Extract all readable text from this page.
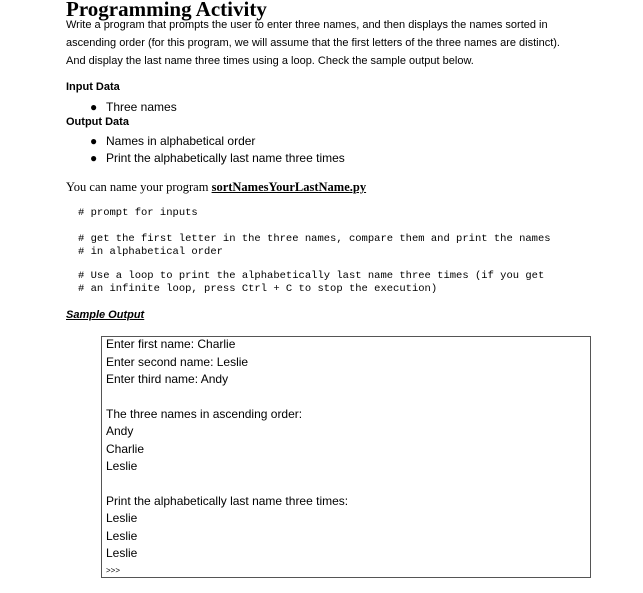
Programming Activity
Write a program that prompts the user to enter three names, and then displays the names sorted in
ascending order (for this program, we will assume that the first letters of the three names are distinct).
And display the last name three times using a loop. Check the sample output below.
Input Data
● Three names
Output Data
● Names in alphabetical order
● Print the alphabetically last name three times
You can name your program sortNamesYourLastName.py
# prompt for inputs
# get the first letter in the three names, compare them and print the names
# in alphabetical order
# Use a loop to print the alphabetically last name three times (if you get
# an infinite loop, press Ctrl + C to stop the execution)
Sample Output
Enter first name: Charlie
Enter second name: Leslie
Enter third name: Andy
The three names in ascending order:
Andy
Charlie
Leslie
Print the alphabetically last name three times:
Leslie
Leslie
Leslie
>>>
